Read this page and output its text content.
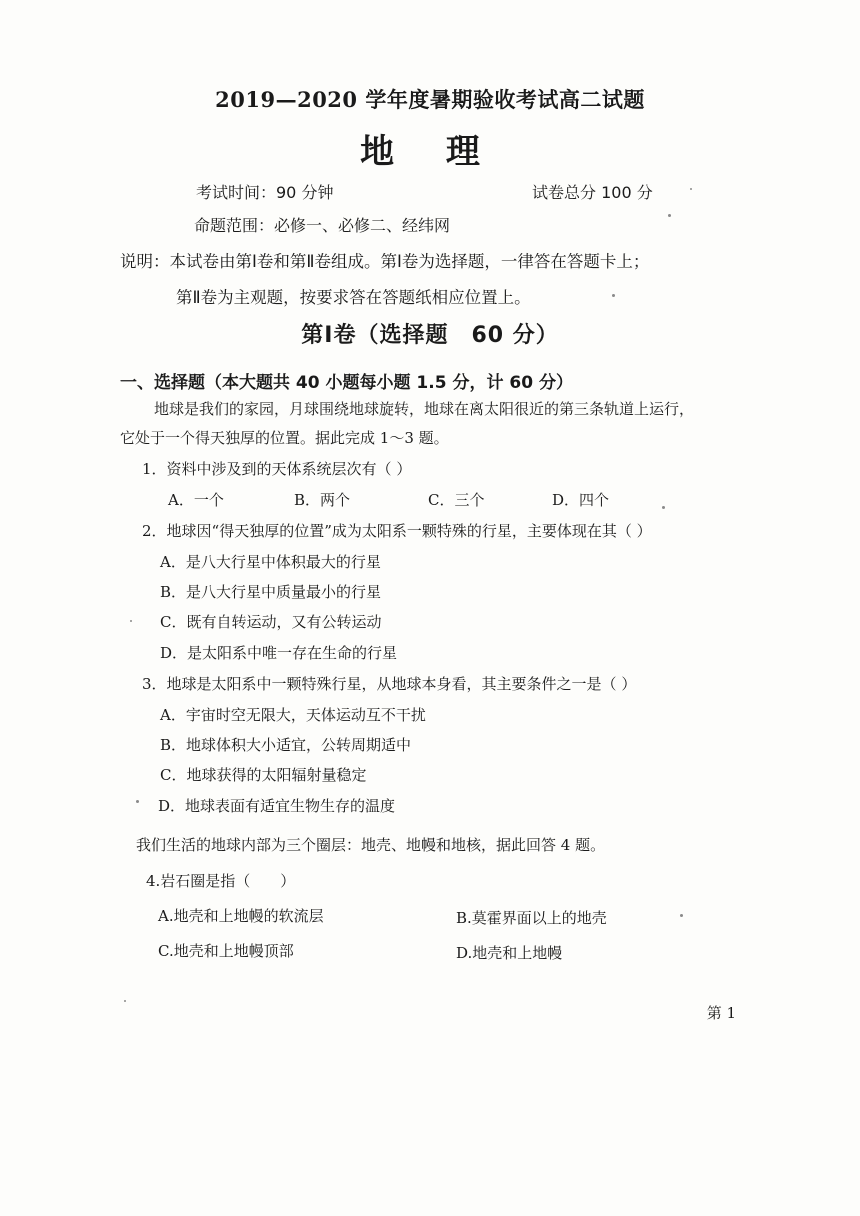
2019—2020 学年度暑期验收考试高二试题
地 理
考试时间：90 分钟	试卷总分 100 分
命题范围：必修一、必修二、经纬网
说明：本试卷由第Ⅰ卷和第Ⅱ卷组成。第Ⅰ卷为选择题，一律答在答题卡上；
第Ⅱ卷为主观题，按要求答在答题纸相应位置上。
第Ⅰ卷（选择题　60 分）
一、选择题（本大题共 40 小题每小题 1.5 分，计 60 分）
地球是我们的家园，月球围绕地球旋转，地球在离太阳很近的第三条轨道上运行，
它处于一个得天独厚的位置。据此完成 1～3 题。
1．资料中涉及到的天体系统层次有（ ）
A．一个	B．两个	C．三个	D．四个
2．地球因“得天独厚的位置”成为太阳系一颗特殊的行星，主要体现在其（ ）
A．是八大行星中体积最大的行星
B．是八大行星中质量最小的行星
C．既有自转运动，又有公转运动
D．是太阳系中唯一存在生命的行星
3．地球是太阳系中一颗特殊行星，从地球本身看，其主要条件之一是（ ）
A．宇宙时空无限大，天体运动互不干扰
B．地球体积大小适宜，公转周期适中
C．地球获得的太阳辐射量稳定
D．地球表面有适宜生物生存的温度
我们生活的地球内部为三个圈层：地壳、地幔和地核，据此回答 4 题。
4.岩石圈是指（　　）
A.地壳和上地幔的软流层	B.莫霍界面以上的地壳
C.地壳和上地幔顶部	D.地壳和上地幔
第 1
